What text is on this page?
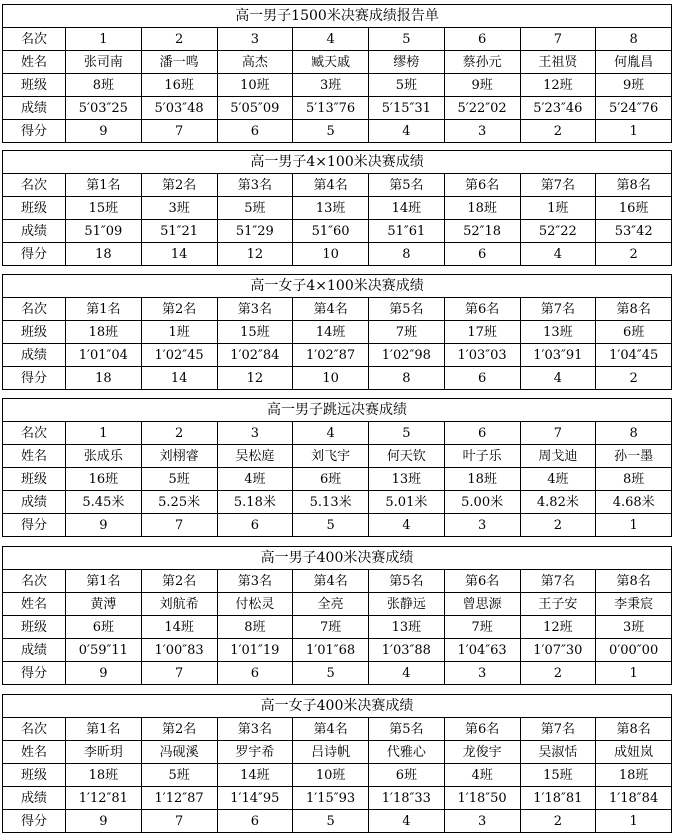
高一男子1500米决赛成绩报告单								
名次	1	2	3	4	5	6	7	8
姓名	张司南	潘一鸣	高杰	臧天戚	缪榜	蔡孙元	王祖贤	何胤昌
班级	8班	16班	10班	3班	5班	9班	12班	9班
成绩	5′03″25	5′03″48	5′05″09	5′13″76	5′15″31	5′22″02	5′23″46	5′24″76
得分	9	7	6	5	4	3	2	1
高一男子4×100米决赛成绩								
名次	第1名	第2名	第3名	第4名	第5名	第6名	第7名	第8名
班级	15班	3班	5班	13班	14班	18班	1班	16班
成绩	51″09	51″21	51″29	51″60	51″61	52″18	52″22	53″42
得分	18	14	12	10	8	6	4	2
高一女子4×100米决赛成绩								
名次	第1名	第2名	第3名	第4名	第5名	第6名	第7名	第8名
班级	18班	1班	15班	14班	7班	17班	13班	6班
成绩	1′01″04	1′02″45	1′02″84	1′02″87	1′02″98	1′03″03	1′03″91	1′04″45
得分	18	14	12	10	8	6	4	2
高一男子跳远决赛成绩								
名次	1	2	3	4	5	6	7	8
姓名	张成乐	刘栩睿	吴松庭	刘飞宇	何天钦	叶子乐	周戈迪	孙一墨
班级	16班	5班	4班	6班	13班	18班	4班	8班
成绩	5.45米	5.25米	5.18米	5.13米	5.01米	5.00米	4.82米	4.68米
得分	9	7	6	5	4	3	2	1
高一男子400米决赛成绩								
名次	第1名	第2名	第3名	第4名	第5名	第6名	第7名	第8名
姓名	黄溥	刘航希	付松灵	全亮	张静远	曾思源	王子安	李秉宸
班级	6班	14班	8班	7班	13班	7班	12班	3班
成绩	0′59″11	1′00″83	1′01″19	1′01″68	1′03″88	1′04″63	1′07″30	0′00″00
得分	9	7	6	5	4	3	2	1
高一女子400米决赛成绩								
名次	第1名	第2名	第3名	第4名	第5名	第6名	第7名	第8名
姓名	李昕玥	冯砚溪	罗宇希	吕诗帆	代雅心	龙俊宇	吴淑恬	成妞岚
班级	18班	5班	14班	10班	6班	4班	15班	18班
成绩	1′12″81	1′12″87	1′14″95	1′15″93	1′18″33	1′18″50	1′18″81	1′18″84
得分	9	7	6	5	4	3	2	1
